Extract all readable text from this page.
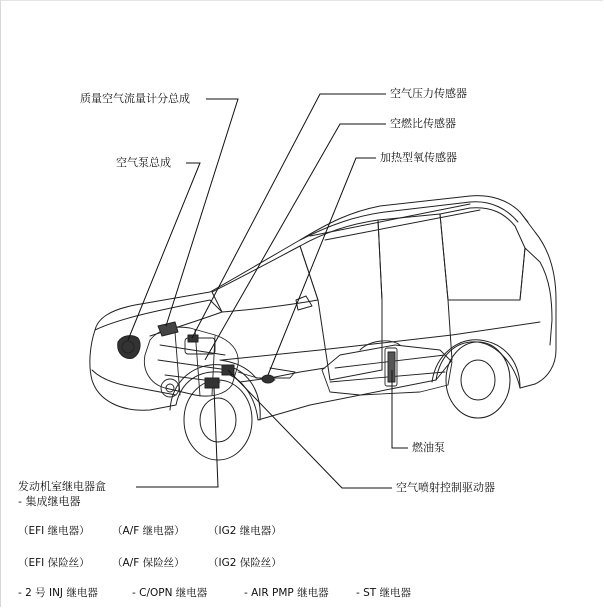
质量空气流量计分总成
空气泵总成
空气压力传感器
空燃比传感器
加热型氧传感器
燃油泵
空气喷射控制驱动器
发动机室继电器盒
- 集成继电器
（EFI 继电器） （A/F 继电器） （IG2 继电器）
（EFI 保险丝） （A/F 保险丝） （IG2 保险丝）
- 2 号 INJ 继电器	- C/OPN 继电器	- AIR PMP 继电器	- ST 继电器
